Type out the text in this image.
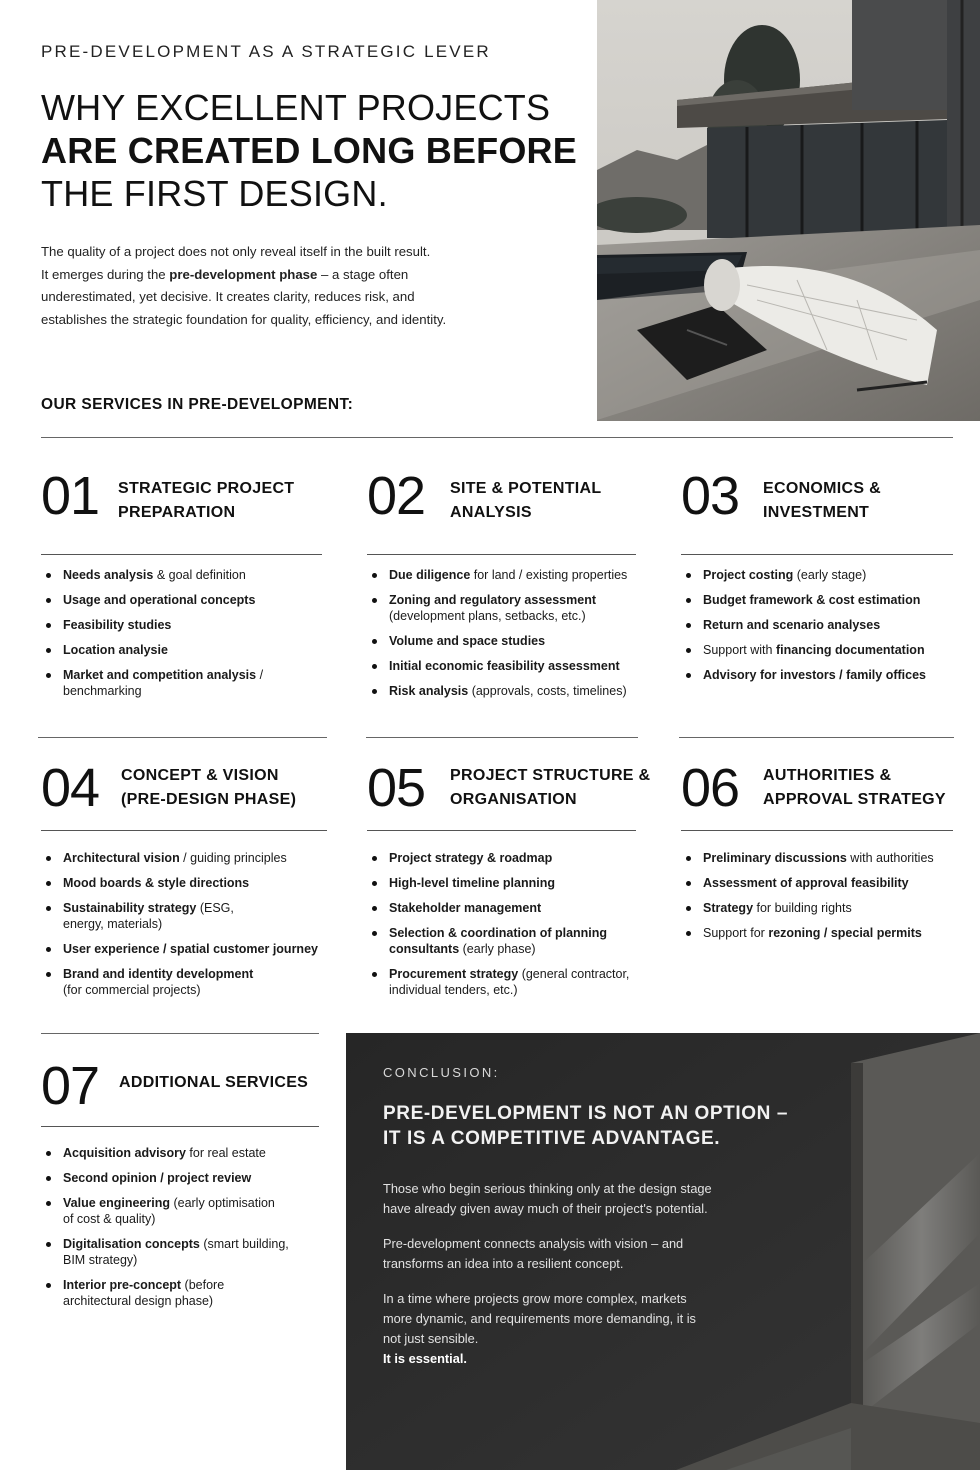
PRE-DEVELOPMENT AS A STRATEGIC LEVER
WHY EXCELLENT PROJECTS
ARE CREATED LONG BEFORE
THE FIRST DESIGN.
The quality of a project does not only reveal itself in the built result.
It emerges during the pre-development phase – a stage often underestimated, yet decisive. It creates clarity, reduces risk, and establishes the strategic foundation for quality, efficiency, and identity.
OUR SERVICES IN PRE-DEVELOPMENT:
01 STRATEGIC PROJECT
PREPARATION
Needs analysis & goal definition
Usage and operational concepts
Feasibility studies
Location analysie
Market and competition analysis / benchmarking
02 SITE & POTENTIAL
ANALYSIS
Due diligence for land / existing properties
Zoning and regulatory assessment (development plans, setbacks, etc.)
Volume and space studies
Initial economic feasibility assessment
Risk analysis (approvals, costs, timelines)
03 ECONOMICS &
INVESTMENT
Project costing (early stage)
Budget framework & cost estimation
Return and scenario analyses
Support with financing documentation
Advisory for investors / family offices
04 CONCEPT & VISION
(PRE-DESIGN PHASE)
Architectural vision / guiding principles
Mood boards & style directions
Sustainability strategy (ESG, energy, materials)
User experience / spatial customer journey
Brand and identity development (for commercial projects)
05 PROJECT STRUCTURE &
ORGANISATION
Project strategy & roadmap
High-level timeline planning
Stakeholder management
Selection & coordination of planning consultants (early phase)
Procurement strategy (general contractor, individual tenders, etc.)
06 AUTHORITIES &
APPROVAL STRATEGY
Preliminary discussions with authorities
Assessment of approval feasibility
Strategy for building rights
Support for rezoning / special permits
07 ADDITIONAL SERVICES
Acquisition advisory for real estate
Second opinion / project review
Value engineering (early optimisation of cost & quality)
Digitalisation concepts (smart building, BIM strategy)
Interior pre-concept (before architectural design phase)
CONCLUSION:
PRE-DEVELOPMENT IS NOT AN OPTION –
IT IS A COMPETITIVE ADVANTAGE.

Those who begin serious thinking only at the design stage have already given away much of their project's potential.

Pre-development connects analysis with vision – and transforms an idea into a resilient concept.

In a time where projects grow more complex, markets more dynamic, and requirements more demanding, it is not just sensible.
It is essential.
